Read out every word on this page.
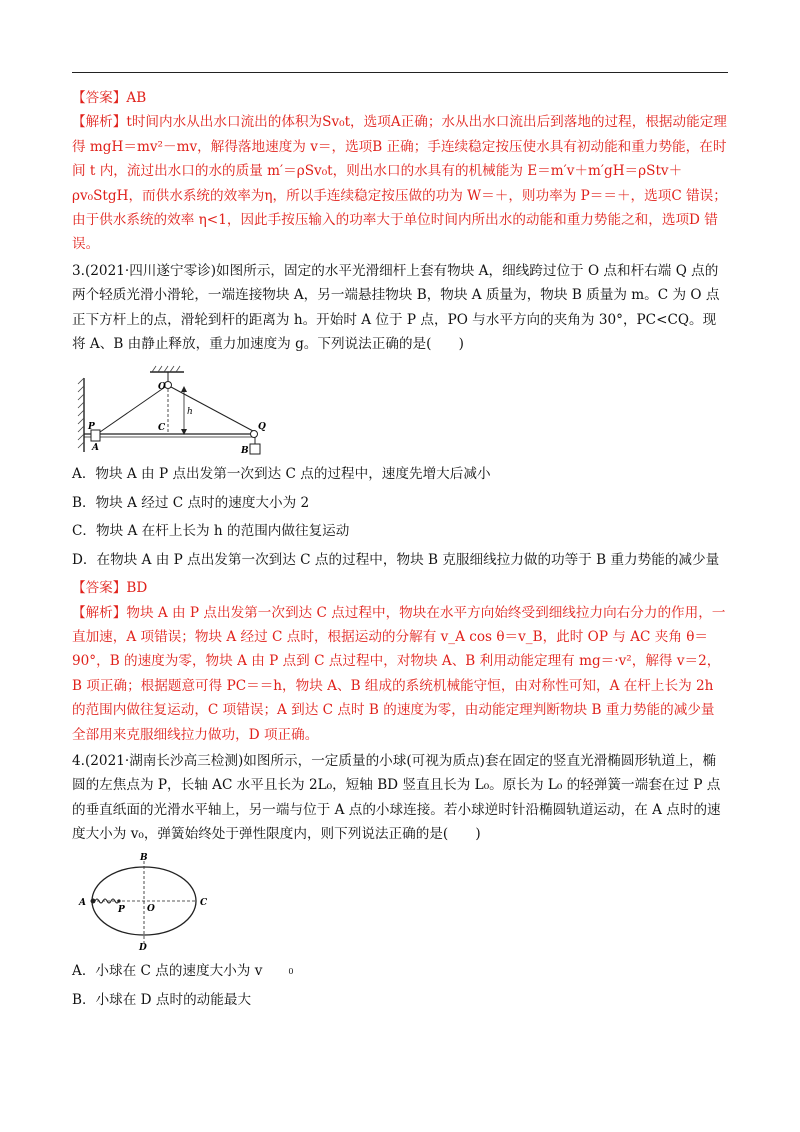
【答案】AB

【解析】t时间内水从出水口流出的体积为Sv₀t，选项A正确；水从出水口流出后到落地的过程，根据动能定理得 mgH＝mv²－mv，解得落地速度为 v＝，选项B 正确；手连续稳定按压使水具有初动能和重力势能，在时间 t 内，流过出水口的水的质量 m′＝ρSv₀t，则出水口的水具有的机械能为 E＝m′v＋m′gH＝ρStv＋ρv₀StgH，而供水系统的效率为η，所以手连续稳定按压做的功为 W＝＋，则功率为 P＝＝＋，选项C 错误；由于供水系统的效率 η<1，因此手按压输入的功率大于单位时间内所出水的动能和重力势能之和，选项D 错误。

3.(2021·四川遂宁零诊)如图所示，固定的水平光滑细杆上套有物块 A，细线跨过位于 O 点和杆右端 Q 点的两个轻质光滑小滑轮，一端连接物块 A，另一端悬挂物块 B，物块 A 质量为，物块 B 质量为 m。C 为 O 点正下方杆上的点，滑轮到杆的距离为 h。开始时 A 位于 P 点，PO 与水平方向的夹角为 30°，PC<CQ。现将 A、B 由静止释放，重力加速度为 g。下列说法正确的是(　　)

O
h
P
A
C	Q
B

A．物块 A 由 P 点出发第一次到达 C 点的过程中，速度先增大后减小

B．物块 A 经过 C 点时的速度大小为 2

C．物块 A 在杆上长为 h 的范围内做往复运动

D．在物块 A 由 P 点出发第一次到达 C 点的过程中，物块 B 克服细线拉力做的功等于 B 重力势能的减少量

【答案】BD

【解析】物块 A 由 P 点出发第一次到达 C 点过程中，物块在水平方向始终受到细线拉力向右分力的作用，一直加速，A 项错误；物块 A 经过 C 点时，根据运动的分解有 v_A cos θ＝v_B，此时 OP 与 AC 夹角 θ＝90°，B 的速度为零，物块 A 由 P 点到 C 点过程中，对物块 A、B 利用动能定理有 mg＝·v²，解得 v＝2，B 项正确；根据题意可得 PC＝＝h，物块 A、B 组成的系统机械能守恒，由对称性可知，A 在杆上长为 2h 的范围内做往复运动，C 项错误；A 到达 C 点时 B 的速度为零，由动能定理判断物块 B 重力势能的减少量全部用来克服细线拉力做功，D 项正确。

4.(2021·湖南长沙高三检测)如图所示，一定质量的小球(可视为质点)套在固定的竖直光滑椭圆形轨道上，椭圆的左焦点为 P，长轴 AC 水平且长为 2L₀，短轴 BD 竖直且长为 L₀。原长为 L₀ 的轻弹簧一端套在过 P 点的垂直纸面的光滑水平轴上，另一端与位于 A 点的小球连接。若小球逆时针沿椭圆轨道运动，在 A 点时的速度大小为 v₀，弹簧始终处于弹性限度内，则下列说法正确的是(　　)

A
B
C
D
O
P

A．小球在 C 点的速度大小为 v	0

B．小球在 D 点时的动能最大
